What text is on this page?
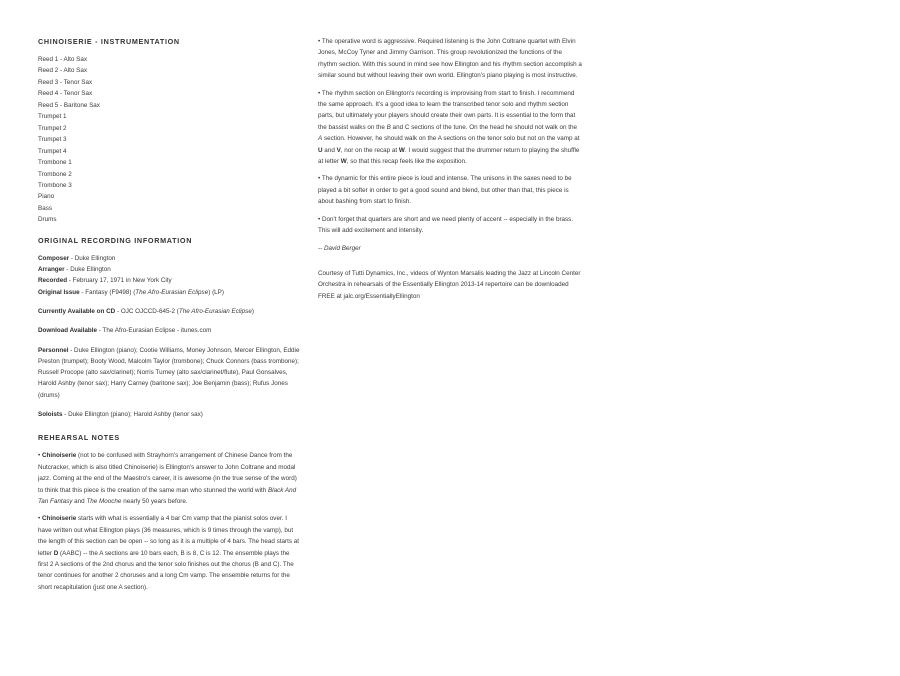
CHINOISERIE - INSTRUMENTATION
Reed 1 - Alto Sax
Reed 2 - Alto Sax
Reed 3 - Tenor Sax
Reed 4 - Tenor Sax
Reed 5 - Baritone Sax
Trumpet 1
Trumpet 2
Trumpet 3
Trumpet 4
Trombone 1
Trombone 2
Trombone 3
Piano
Bass
Drums
ORIGINAL RECORDING INFORMATION
Composer - Duke Ellington
Arranger - Duke Ellington
Recorded - February 17, 1971 in New York City
Original Issue - Fantasy (F9498) (The Afro-Eurasian Eclipse) (LP)
Currently Available on CD - OJC OJCCD-645-2 (The Afro-Eurasian Eclipse)
Download Available - The Afro-Eurasian Eclipse - itunes.com
Personnel - Duke Ellington (piano); Cootie Williams, Money Johnson, Mercer Ellington, Eddie Preston (trumpet); Booty Wood, Malcolm Taylor (trombone); Chuck Connors (bass trombone); Russell Procope (alto sax/clarinet); Norris Turney (alto sax/clarinet/flute), Paul Gonsalves, Harold Ashby (tenor sax); Harry Carney (baritone sax); Joe Benjamin (bass); Rufus Jones (drums)
Soloists - Duke Ellington (piano); Harold Ashby (tenor sax)
REHEARSAL NOTES
• Chinoiserie (not to be confused with Strayhorn's arrangement of Chinese Dance from the Nutcracker, which is also titled Chinoiserie) is Ellington's answer to John Coltrane and modal jazz. Coming at the end of the Maestro's career, it is awesome (in the true sense of the word) to think that this piece is the creation of the same man who stunned the world with Black And Tan Fantasy and The Mooche nearly 50 years before.
• Chinoiserie starts with what is essentially a 4 bar Cm vamp that the pianist solos over. I have written out what Ellington plays (36 measures, which is 9 times through the vamp), but the length of this section can be open -- so long as it is a multiple of 4 bars. The head starts at letter D (AABC) -- the A sections are 10 bars each, B is 8, C is 12. The ensemble plays the first 2 A sections of the 2nd chorus and the tenor solo finishes out the chorus (B and C). The tenor continues for another 2 choruses and a long Cm vamp. The ensemble returns for the short recapitulation (just one A section).
• The operative word is aggressive. Required listening is the John Coltrane quartet with Elvin Jones, McCoy Tyner and Jimmy Garrison. This group revolutionized the functions of the rhythm section. With this sound in mind see how Ellington and his rhythm section accomplish a similar sound but without leaving their own world. Ellington's piano playing is most instructive.
• The rhythm section on Ellington's recording is improvising from start to finish. I recommend the same approach. It's a good idea to learn the transcribed tenor solo and rhythm section parts, but ultimately your players should create their own parts. It is essential to the form that the bassist walks on the B and C sections of the tune. On the head he should not walk on the A section. However, he should walk on the A sections on the tenor solo but not on the vamp at U and V, nor on the recap at W. I would suggest that the drummer return to playing the shuffle at letter W, so that this recap feels like the exposition.
• The dynamic for this entire piece is loud and intense. The unisons in the saxes need to be played a bit softer in order to get a good sound and blend, but other than that, this piece is about bashing from start to finish.
• Don't forget that quarters are short and we need plenty of accent -- especially in the brass. This will add excitement and intensity.
-- David Berger
Courtesy of Tutti Dynamics, Inc., videos of Wynton Marsalis leading the Jazz at Lincoln Center Orchestra in rehearsals of the Essentially Ellington 2013-14 repertoire can be downloaded FREE at jalc.org/EssentiallyEllington
